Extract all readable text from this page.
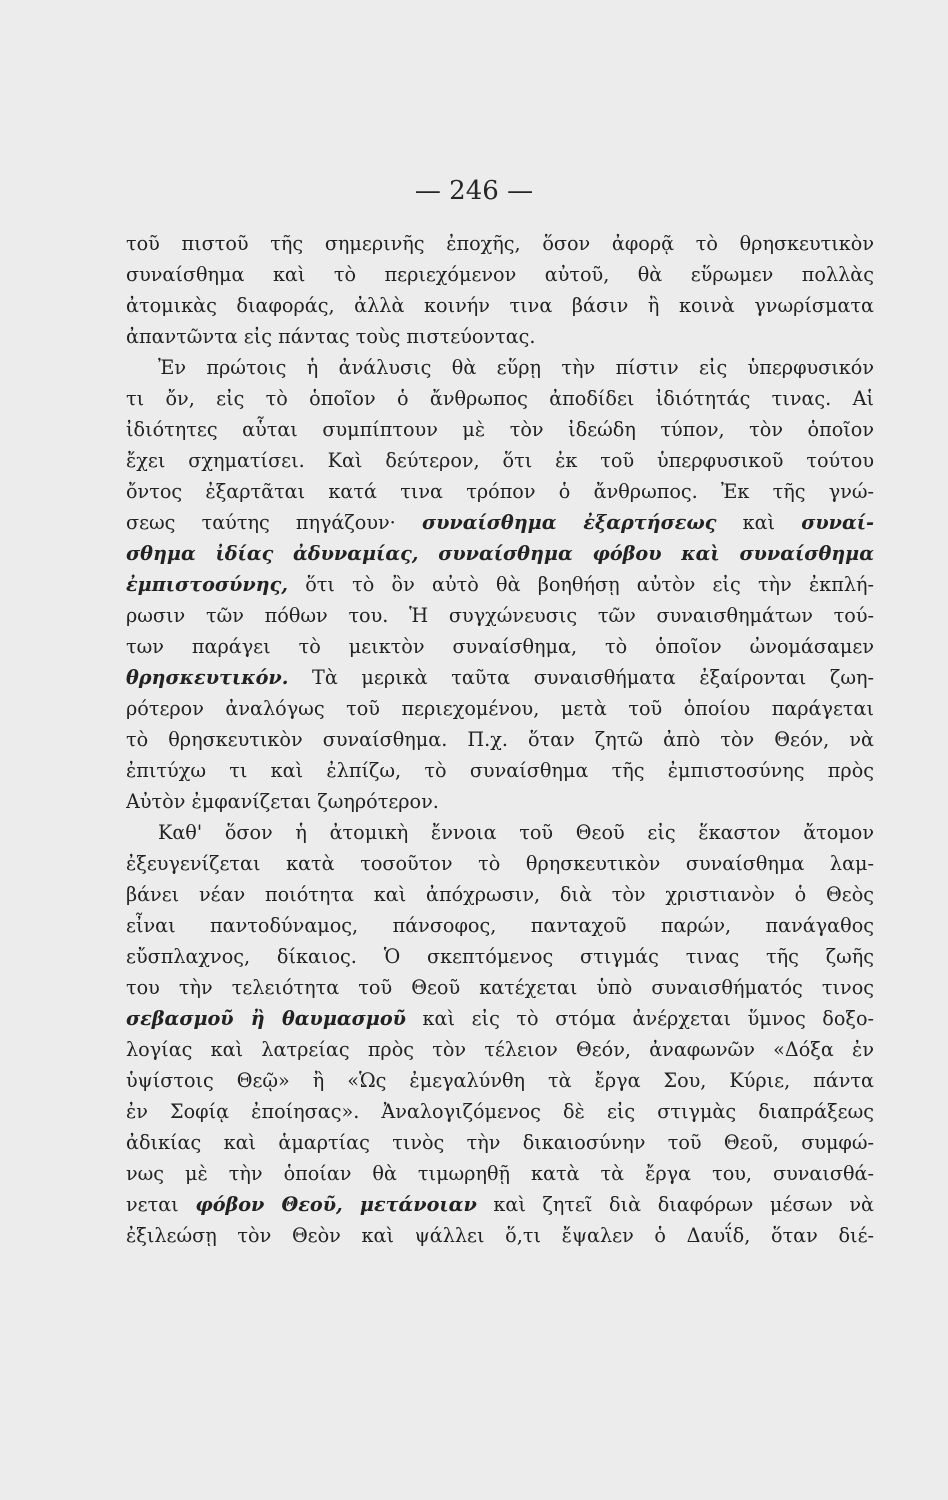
— 246 —
τοῦ πιστοῦ τῆς σημερινῆς ἐποχῆς, ὅσον ἀφορᾷ τὸ θρησκευτικὸν
συναίσθημα καὶ τὸ περιεχόμενον αὐτοῦ, θὰ εὕρωμεν πολλὰς
ἀτομικὰς διαφοράς, ἀλλὰ κοινήν τινα βάσιν ἢ κοινὰ γνωρίσματα
ἀπαντῶντα εἰς πάντας τοὺς πιστεύοντας.
Ἐν πρώτοις ἡ ἀνάλυσις θὰ εὕρῃ τὴν πίστιν εἰς ὑπερφυσικόν
τι ὄν, εἰς τὸ ὁποῖον ὁ ἄνθρωπος ἀποδίδει ἰδιότητάς τινας. Αἱ
ἰδιότητες αὗται συμπίπτουν μὲ τὸν ἰδεώδη τύπον, τὸν ὁποῖον
ἔχει σχηματίσει. Καὶ δεύτερον, ὅτι ἐκ τοῦ ὑπερφυσικοῦ τούτου
ὄντος ἐξαρτᾶται κατά τινα τρόπον ὁ ἄνθρωπος. Ἐκ τῆς γνώ-
σεως ταύτης πηγάζουν· συναίσθημα ἐξαρτήσεως καὶ συναί-
σθημα ἰδίας ἀδυναμίας, συναίσθημα φόβου καὶ συναίσθημα
ἐμπιστοσύνης, ὅτι τὸ ὂν αὐτὸ θὰ βοηθήσῃ αὐτὸν εἰς τὴν ἐκπλή-
ρωσιν τῶν πόθων του. Ἡ συγχώνευσις τῶν συναισθημάτων τού-
των παράγει τὸ μεικτὸν συναίσθημα, τὸ ὁποῖον ὠνομάσαμεν
θρησκευτικόν. Τὰ μερικὰ ταῦτα συναισθήματα ἐξαίρονται ζωη-
ρότερον ἀναλόγως τοῦ περιεχομένου, μετὰ τοῦ ὁποίου παράγεται
τὸ θρησκευτικὸν συναίσθημα. Π.χ. ὅταν ζητῶ ἀπὸ τὸν Θεόν, νὰ
ἐπιτύχω τι καὶ ἐλπίζω, τὸ συναίσθημα τῆς ἐμπιστοσύνης πρὸς
Αὐτὸν ἐμφανίζεται ζωηρότερον.
Καθ' ὅσον ἡ ἀτομικὴ ἔννοια τοῦ Θεοῦ εἰς ἕκαστον ἄτομον
ἐξευγενίζεται κατὰ τοσοῦτον τὸ θρησκευτικὸν συναίσθημα λαμ-
βάνει νέαν ποιότητα καὶ ἀπόχρωσιν, διὰ τὸν χριστιανὸν ὁ Θεὸς
εἶναι παντοδύναμος, πάνσοφος, πανταχοῦ παρών, πανάγαθος
εὔσπλαχνος, δίκαιος. Ὁ σκεπτόμενος στιγμάς τινας τῆς ζωῆς
του τὴν τελειότητα τοῦ Θεοῦ κατέχεται ὑπὸ συναισθήματός τινος
σεβασμοῦ ἢ θαυμασμοῦ καὶ εἰς τὸ στόμα ἀνέρχεται ὕμνος δοξο-
λογίας καὶ λατρείας πρὸς τὸν τέλειον Θεόν, ἀναφωνῶν «Δόξα ἐν
ὑψίστοις Θεῷ» ἢ «Ὡς ἐμεγαλύνθη τὰ ἔργα Σου, Κύριε, πάντα
ἐν Σοφίᾳ ἐποίησας». Ἀναλογιζόμενος δὲ εἰς στιγμὰς διαπράξεως
ἀδικίας καὶ ἁμαρτίας τινὸς τὴν δικαιοσύνην τοῦ Θεοῦ, συμφώ-
νως μὲ τὴν ὁποίαν θὰ τιμωρηθῇ κατὰ τὰ ἔργα του, συναισθά-
νεται φόβον Θεοῦ, μετάνοιαν καὶ ζητεῖ διὰ διαφόρων μέσων νὰ
ἐξιλεώσῃ τὸν Θεὸν καὶ ψάλλει ὅ,τι ἔψαλεν ὁ Δαυΐδ, ὅταν διέ-
